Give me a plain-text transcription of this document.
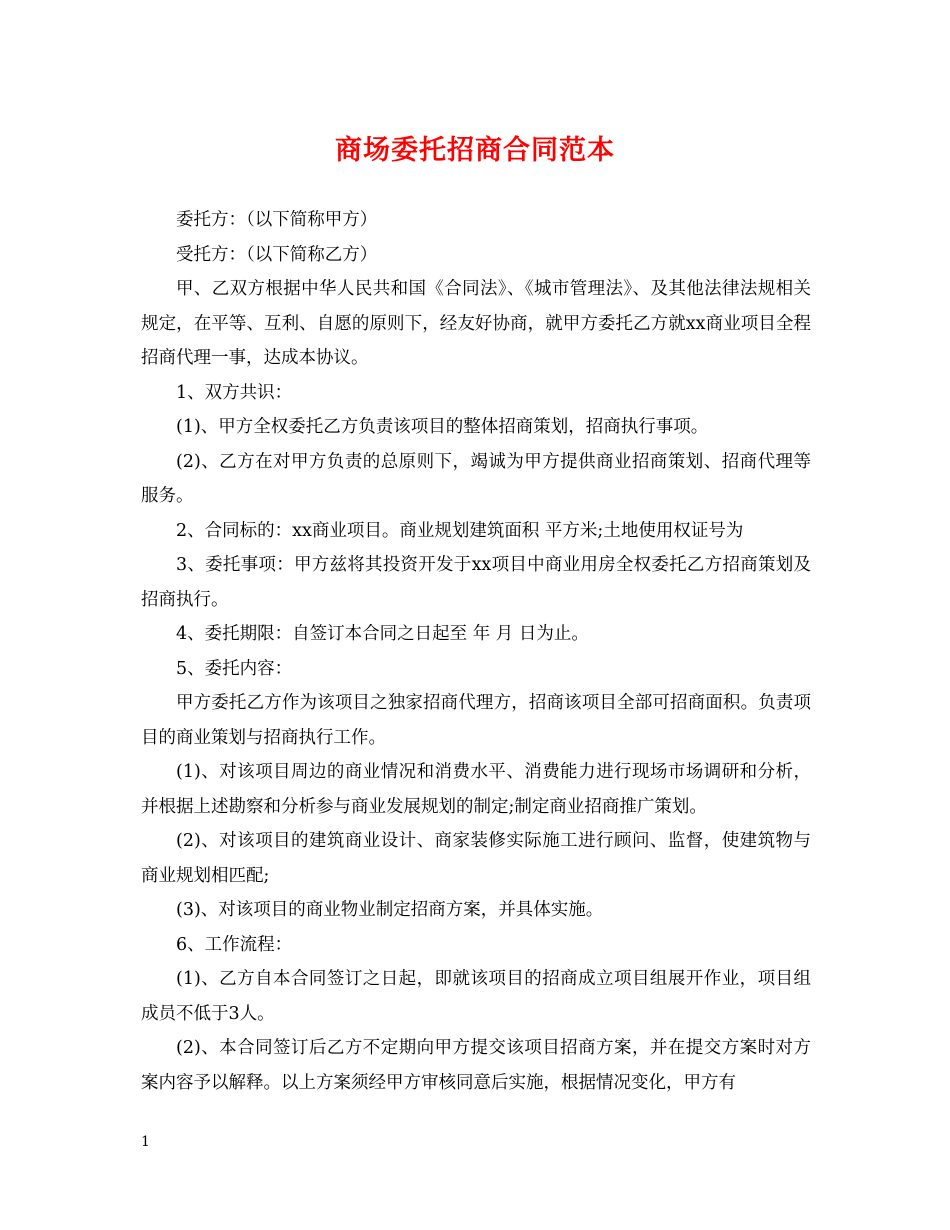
商场委托招商合同范本

委托方：（以下简称甲方）

受托方：（以下简称乙方）

甲、乙双方根据中华人民共和国《合同法》、《城市管理法》、及其他法律法规相关规定，在平等、互利、自愿的原则下，经友好协商，就甲方委托乙方就xx商业项目全程招商代理一事，达成本协议。

1、双方共识：

(1)、甲方全权委托乙方负责该项目的整体招商策划，招商执行事项。

(2)、乙方在对甲方负责的总原则下，竭诚为甲方提供商业招商策划、招商代理等服务。

2、合同标的：xx商业项目。商业规划建筑面积 平方米;土地使用权证号为

3、委托事项：甲方兹将其投资开发于xx项目中商业用房全权委托乙方招商策划及招商执行。

4、委托期限：自签订本合同之日起至 年 月 日为止。

5、委托内容：

甲方委托乙方作为该项目之独家招商代理方，招商该项目全部可招商面积。负责项目的商业策划与招商执行工作。

(1)、对该项目周边的商业情况和消费水平、消费能力进行现场市场调研和分析，并根据上述勘察和分析参与商业发展规划的制定;制定商业招商推广策划。

(2)、对该项目的建筑商业设计、商家装修实际施工进行顾问、监督，使建筑物与商业规划相匹配;

(3)、对该项目的商业物业制定招商方案，并具体实施。

6、工作流程：

(1)、乙方自本合同签订之日起，即就该项目的招商成立项目组展开作业，项目组成员不低于3人。

(2)、本合同签订后乙方不定期向甲方提交该项目招商方案，并在提交方案时对方案内容予以解释。以上方案须经甲方审核同意后实施，根据情况变化，甲方有

1
